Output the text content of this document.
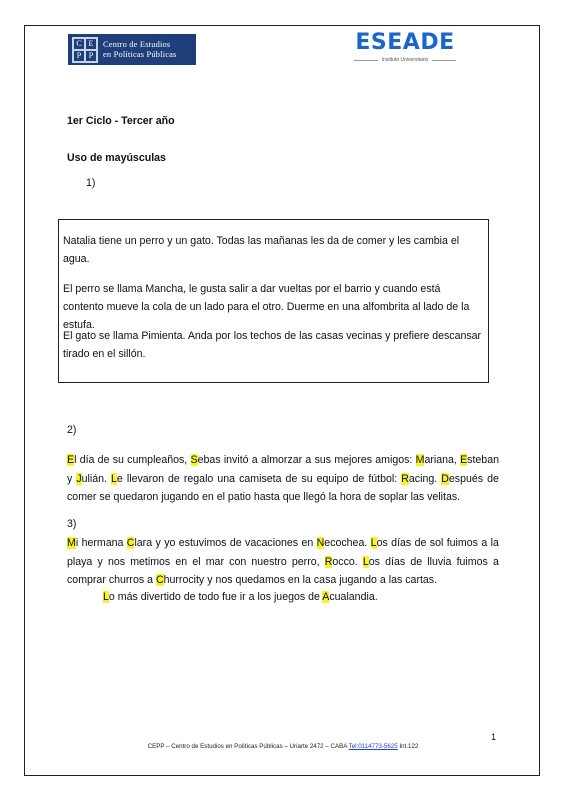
C E
P P
Centro de Estudios
en Políticas Públicas	ESEADE
Instituto Universitario
1er Ciclo - Tercer año
Uso de mayúsculas
1)
Natalia tiene un perro y un gato. Todas las mañanas les da de comer y les cambia el agua.
El perro se llama Mancha, le gusta salir a dar vueltas por el barrio y cuando está contento mueve la cola de un lado para el otro. Duerme en una alfombrita al lado de la estufa.
El gato se llama Pimienta. Anda por los techos de las casas vecinas y prefiere descansar tirado en el sillón.
2)
El día de su cumpleaños, Sebas invitó a almorzar a sus mejores amigos: Mariana, Esteban y Julián. Le llevaron de regalo una camiseta de su equipo de fútbol: Racing. Después de comer se quedaron jugando en el patio hasta que llegó la hora de soplar las velitas.
3)
Mi hermana Clara y yo estuvimos de vacaciones en Necochea. Los días de sol fuimos a la playa y nos metimos en el mar con nuestro perro, Rocco. Los días de lluvia fuimos a comprar churros a Churrocity y nos quedamos en la casa jugando a las cartas.
Lo más divertido de todo fue ir a los juegos de Acualandia.
1
CEPP – Centro de Estudios en Políticas Públicas – Uriarte 2472 – CABA Tel:0114773-5625 Int.122
